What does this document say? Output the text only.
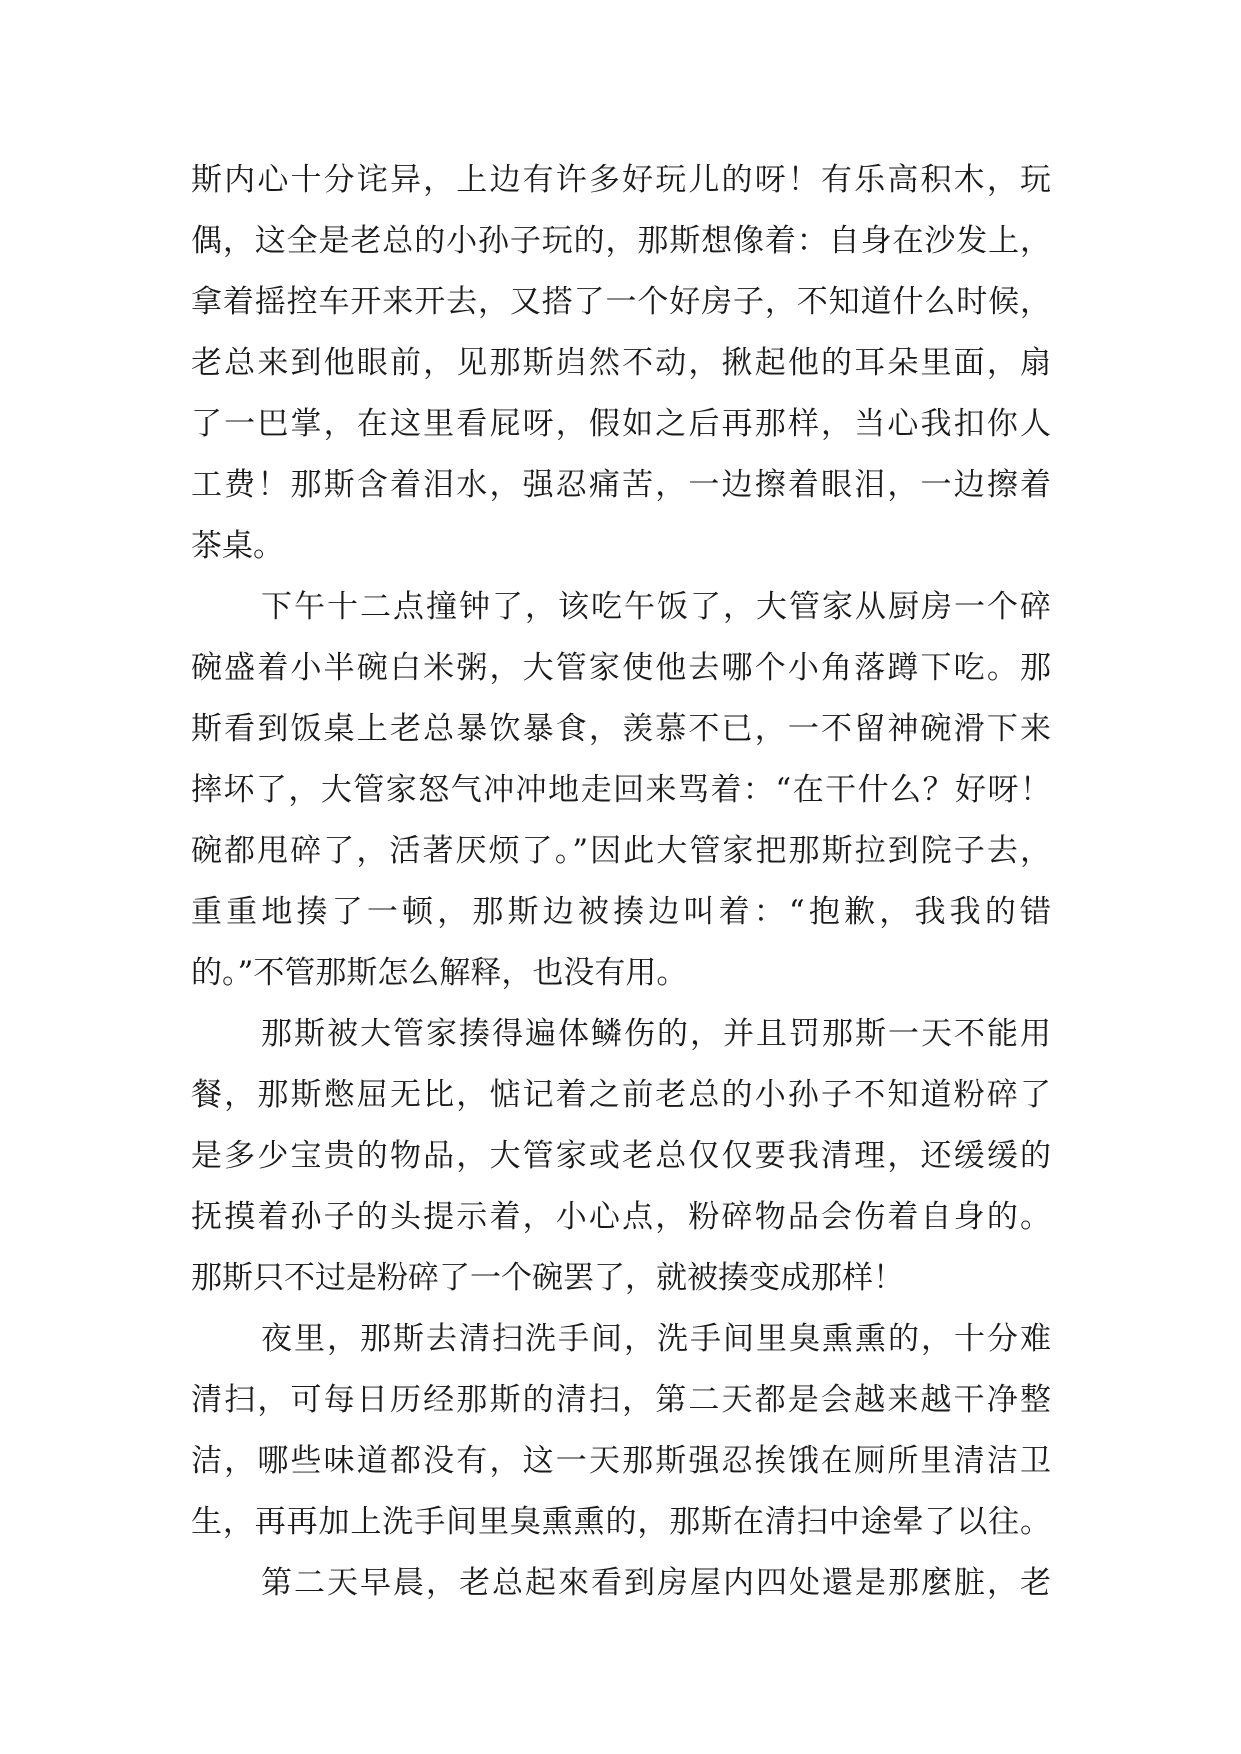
斯内心十分诧异，上边有许多好玩儿的呀！有乐高积木，玩
偶，这全是老总的小孙子玩的，那斯想像着：自身在沙发上，
拿着摇控车开来开去，又搭了一个好房子，不知道什么时候，
老总来到他眼前，见那斯岿然不动，揪起他的耳朵里面，扇
了一巴掌，在这里看屁呀，假如之后再那样，当心我扣你人
工费！那斯含着泪水，强忍痛苦，一边擦着眼泪，一边擦着
茶桌。
下午十二点撞钟了，该吃午饭了，大管家从厨房一个碎
碗盛着小半碗白米粥，大管家使他去哪个小角落蹲下吃。那
斯看到饭桌上老总暴饮暴食，羡慕不已，一不留神碗滑下来
摔坏了，大管家怒气冲冲地走回来骂着：“在干什么？好呀！
碗都甩碎了，活著厌烦了。”因此大管家把那斯拉到院子去，
重重地揍了一顿，那斯边被揍边叫着：“抱歉，我我的错
的。”不管那斯怎么解释，也没有用。
那斯被大管家揍得遍体鳞伤的，并且罚那斯一天不能用
餐，那斯憋屈无比，惦记着之前老总的小孙子不知道粉碎了
是多少宝贵的物品，大管家或老总仅仅要我清理，还缓缓的
抚摸着孙子的头提示着，小心点，粉碎物品会伤着自身的。
那斯只不过是粉碎了一个碗罢了，就被揍变成那样！
夜里，那斯去清扫洗手间，洗手间里臭熏熏的，十分难
清扫，可每日历经那斯的清扫，第二天都是会越来越干净整
洁，哪些味道都没有，这一天那斯强忍挨饿在厕所里清洁卫
生，再再加上洗手间里臭熏熏的，那斯在清扫中途晕了以往。
第二天早晨，老总起來看到房屋内四处還是那麼脏，老
